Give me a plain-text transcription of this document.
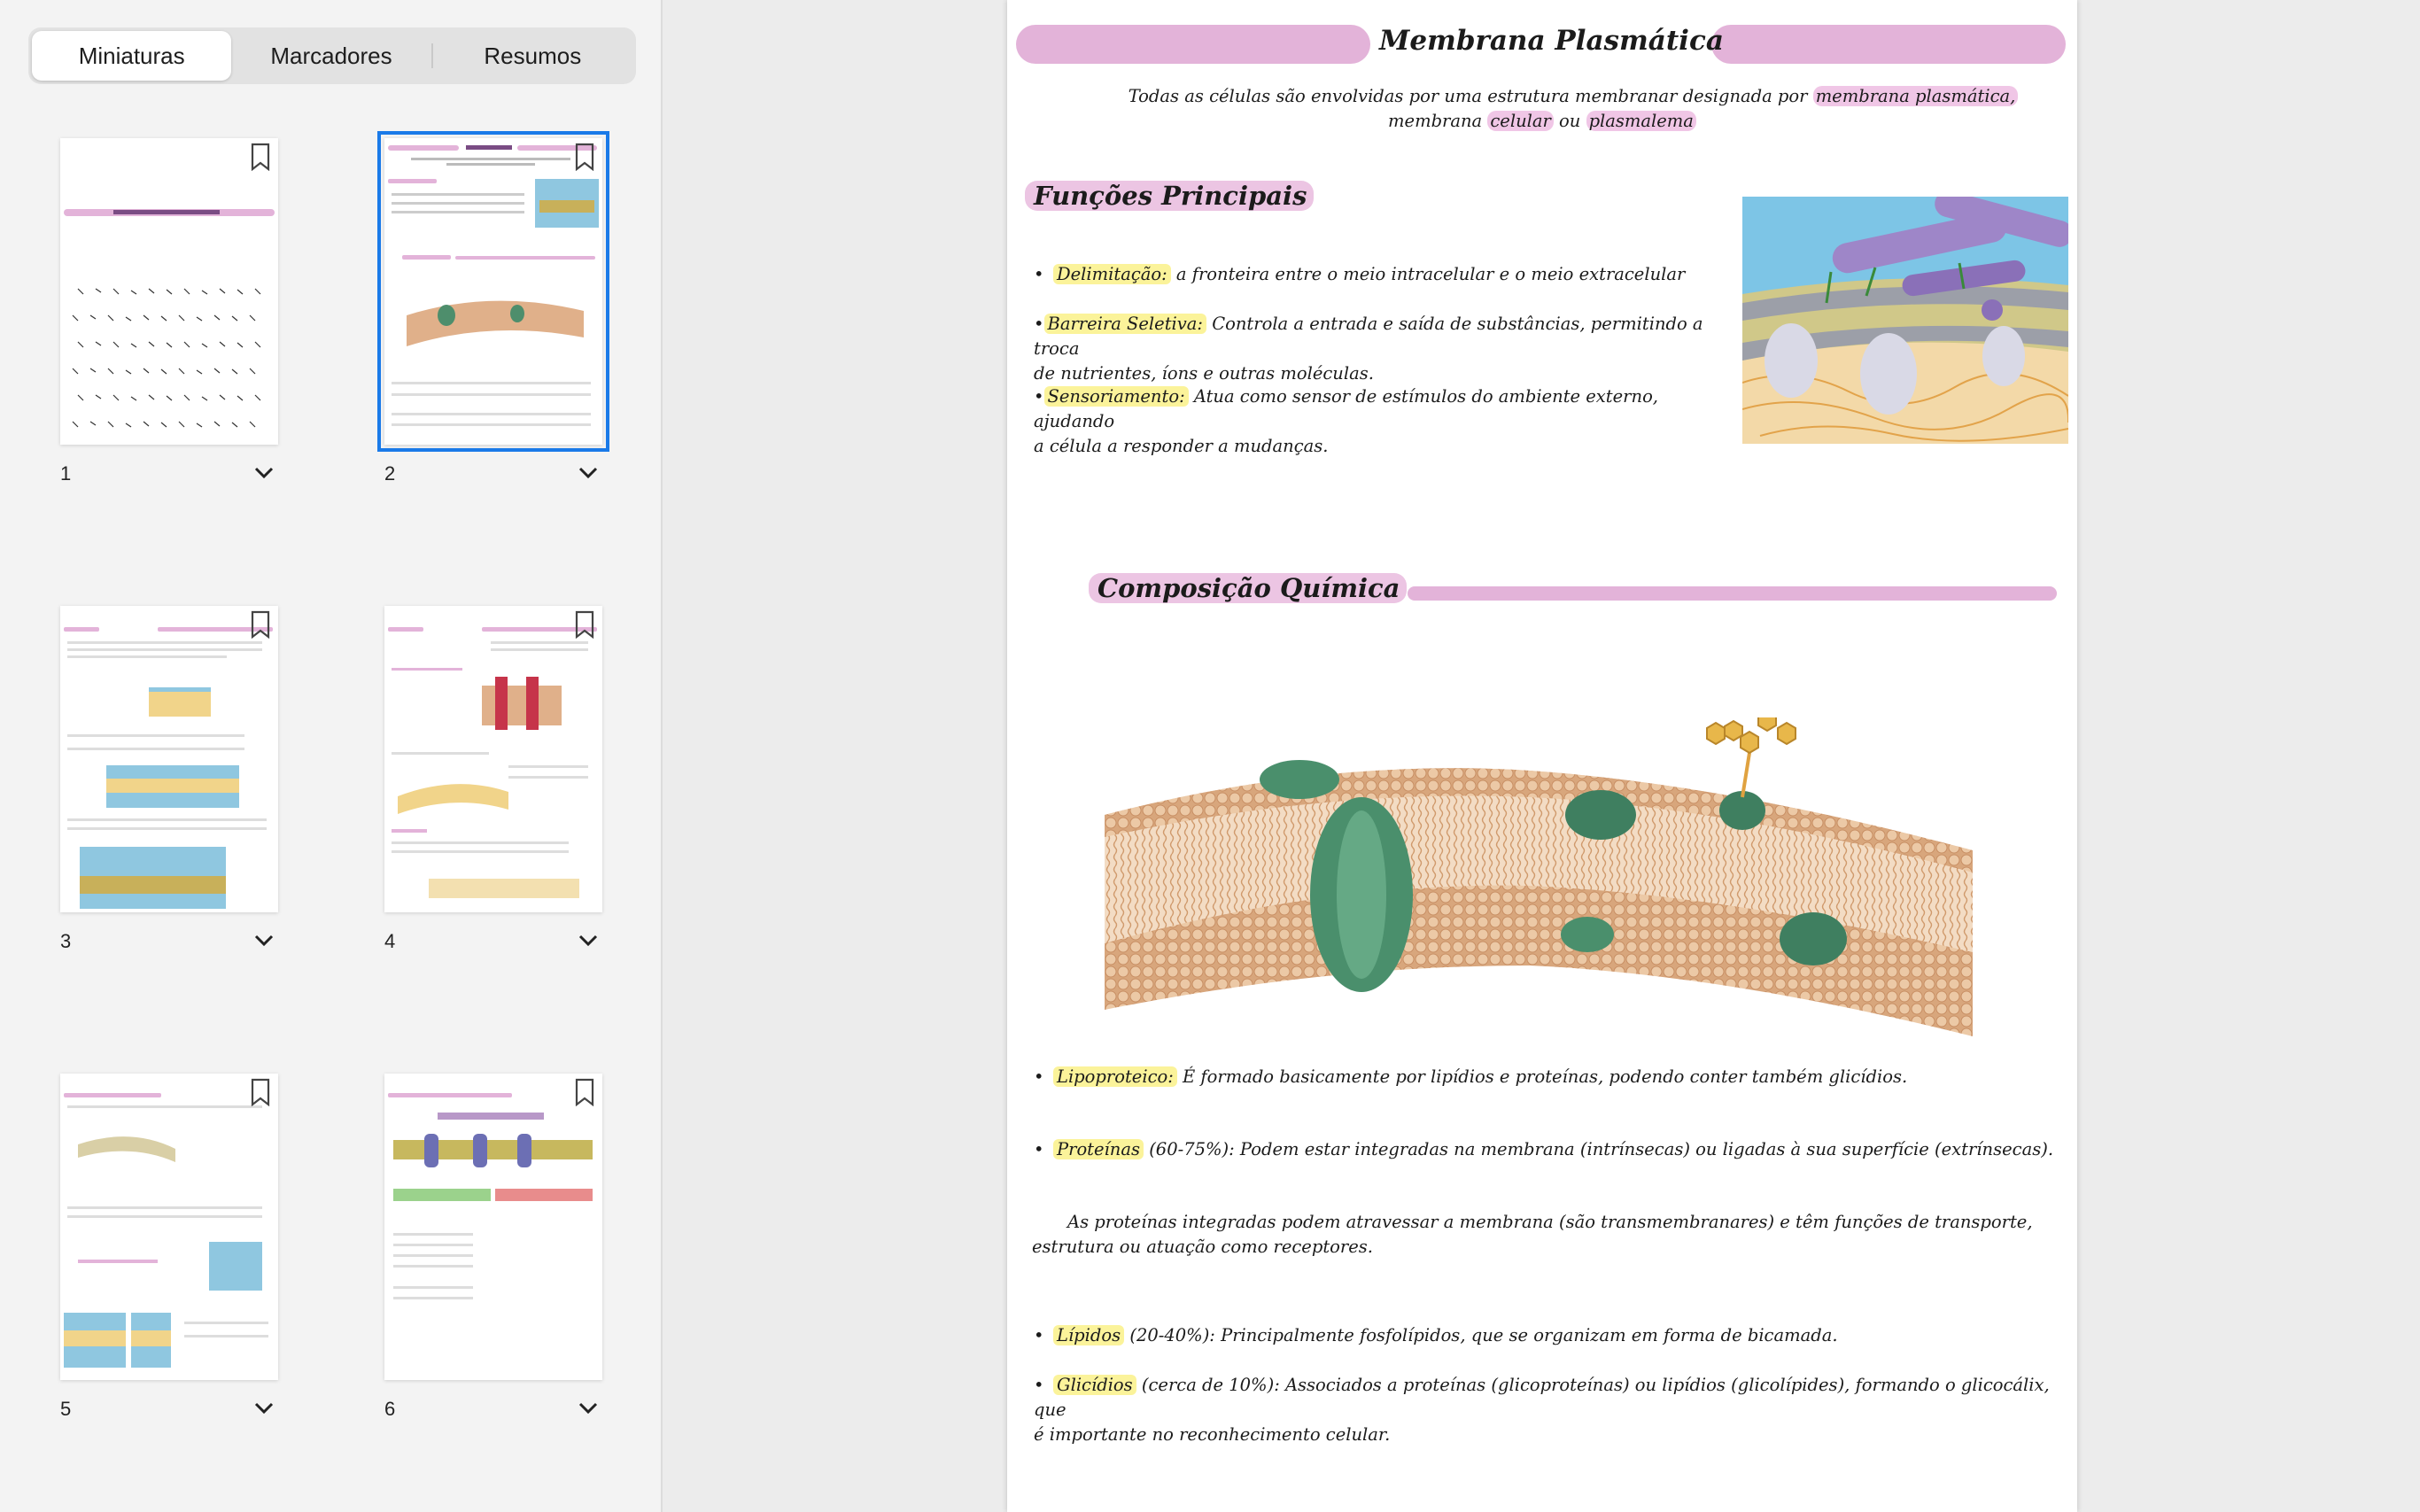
Miniaturas	Marcadores	Resumos
1	2
3	4
5	6
Membrana Plasmática
Todas as células são envolvidas por uma estrutura membranar designada por membrana plasmática,
membrana celular ou plasmalema
Funções Principais
• Delimitação: a fronteira entre o meio intracelular e o meio extracelular
• Barreira Seletiva: Controla a entrada e saída de substâncias, permitindo a troca
de nutrientes, íons e outras moléculas.
• Sensoriamento: Atua como sensor de estímulos do ambiente externo, ajudando
a célula a responder a mudanças.
Composição Química
• Lipoproteico: É formado basicamente por lipídios e proteínas, podendo conter também glicídios.
• Proteínas (60-75%): Podem estar integradas na membrana (intrínsecas) ou ligadas à sua superfície (extrínsecas).
As proteínas integradas podem atravessar a membrana (são transmembranares) e têm funções de transporte,
estrutura ou atuação como receptores.
• Lípidos (20-40%): Principalmente fosfolípidos, que se organizam em forma de bicamada.
• Glicídios (cerca de 10%): Associados a proteínas (glicoproteínas) ou lipídios (glicolípides), formando o glicocálix, que
é importante no reconhecimento celular.
